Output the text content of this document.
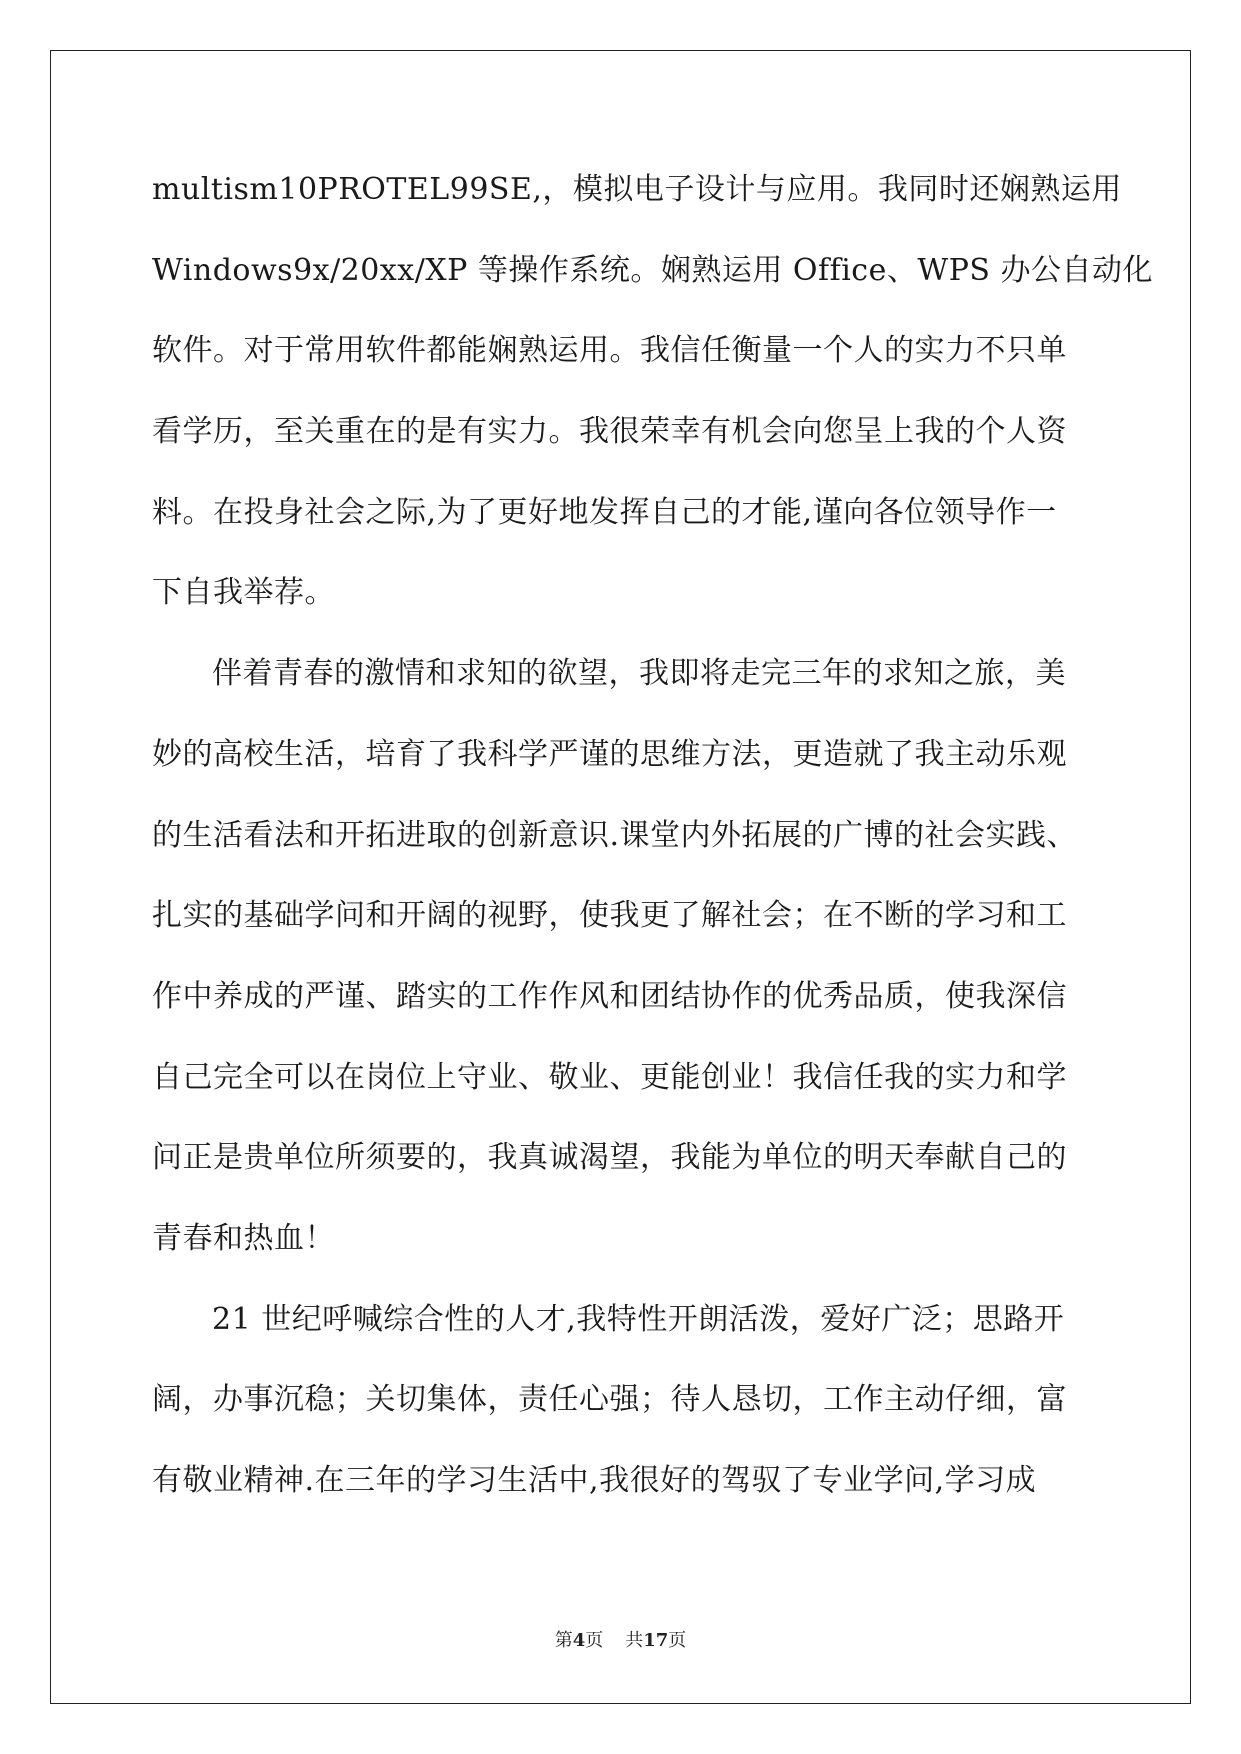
multism10PROTEL99SE,，模拟电子设计与应用。我同时还娴熟运用
Windows9x/20xx/XP 等操作系统。娴熟运用 Office、WPS 办公自动化
软件。对于常用软件都能娴熟运用。我信任衡量一个人的实力不只单
看学历，至关重在的是有实力。我很荣幸有机会向您呈上我的个人资
料。在投身社会之际,为了更好地发挥自己的才能,谨向各位领导作一
下自我举荐。
伴着青春的激情和求知的欲望，我即将走完三年的求知之旅，美
妙的高校生活，培育了我科学严谨的思维方法，更造就了我主动乐观
的生活看法和开拓进取的创新意识.课堂内外拓展的广博的社会实践、
扎实的基础学问和开阔的视野，使我更了解社会；在不断的学习和工
作中养成的严谨、踏实的工作作风和团结协作的优秀品质，使我深信
自己完全可以在岗位上守业、敬业、更能创业！我信任我的实力和学
问正是贵单位所须要的，我真诚渴望，我能为单位的明天奉献自己的
青春和热血！
21 世纪呼喊综合性的人才,我特性开朗活泼，爱好广泛；思路开
阔，办事沉稳；关切集体，责任心强；待人恳切，工作主动仔细，富
有敬业精神.在三年的学习生活中,我很好的驾驭了专业学问,学习成
第4页 共17页
